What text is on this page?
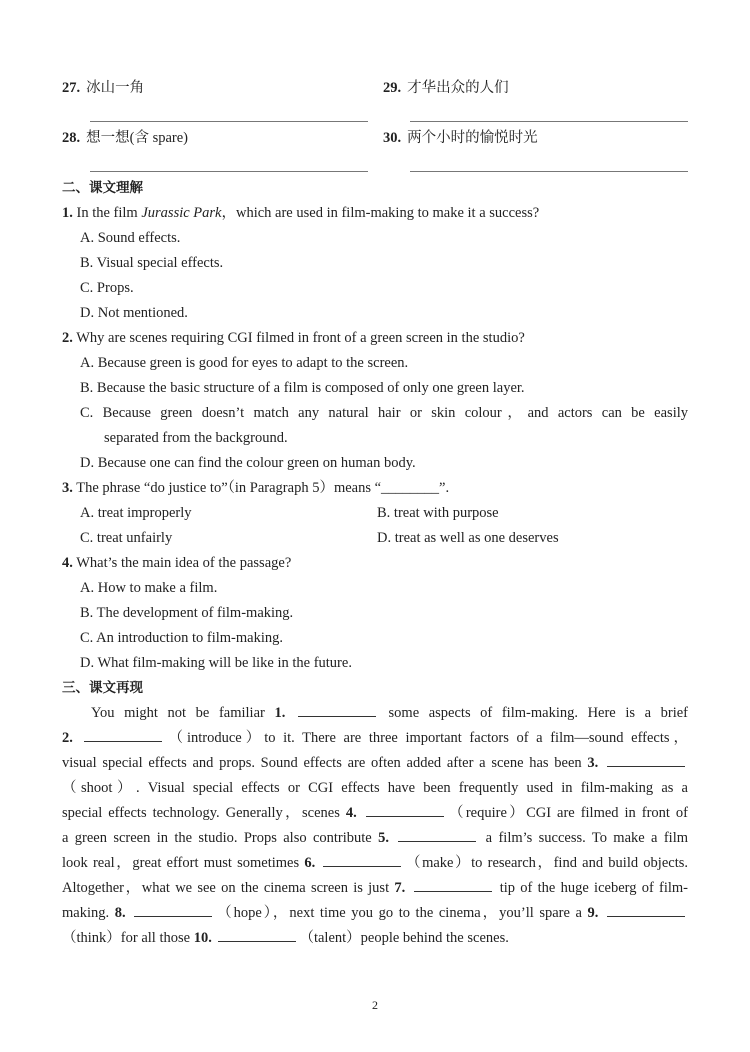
27. 冰山一角	29. 才华出众的人们
28. 想一想(含 spare)	30. 两个小时的愉悦时光
二、课文理解
1. In the film Jurassic Park，which are used in film-making to make it a success?
A. Sound effects.
B. Visual special effects.
C. Props.
D. Not mentioned.
2. Why are scenes requiring CGI filmed in front of a green screen in the studio?
A. Because green is good for eyes to adapt to the screen.
B. Because the basic structure of a film is composed of only one green layer.
C. Because green doesn’t match any natural hair or skin colour，and actors can be easily
separated from the background.
D. Because one can find the colour green on human body.
3. The phrase “do justice to”（in Paragraph 5）means “________”.
A. treat improperly	B. treat with purpose
C. treat unfairly	D. treat as well as one deserves
4. What’s the main idea of the passage?
A. How to make a film.
B. The development of film-making.
C. An introduction to film-making.
D. What film-making will be like in the future.
三、课文再现
  You might not be familiar 1.	some aspects of film-making. Here is a brief
2.	（introduce）to it. There are three important factors of a film—sound effects，
visual special effects and props. Sound effects are often added after a scene has been 3.
（shoot）. Visual special effects or CGI effects have been frequently used in film-making as a
special effects technology. Generally，scenes 4.	（require）CGI are filmed in front of
a green screen in the studio. Props also contribute 5.	a film’s success. To make a film
look real，great effort must sometimes 6.	（make）to research，find and build objects.
Altogether，what we see on the cinema screen is just 7.	tip of the huge iceberg of film-
making. 8.	（hope），next time you go to the cinema，you’ll spare a 9.
（think）for all those 10.	（talent）people behind the scenes.
2
